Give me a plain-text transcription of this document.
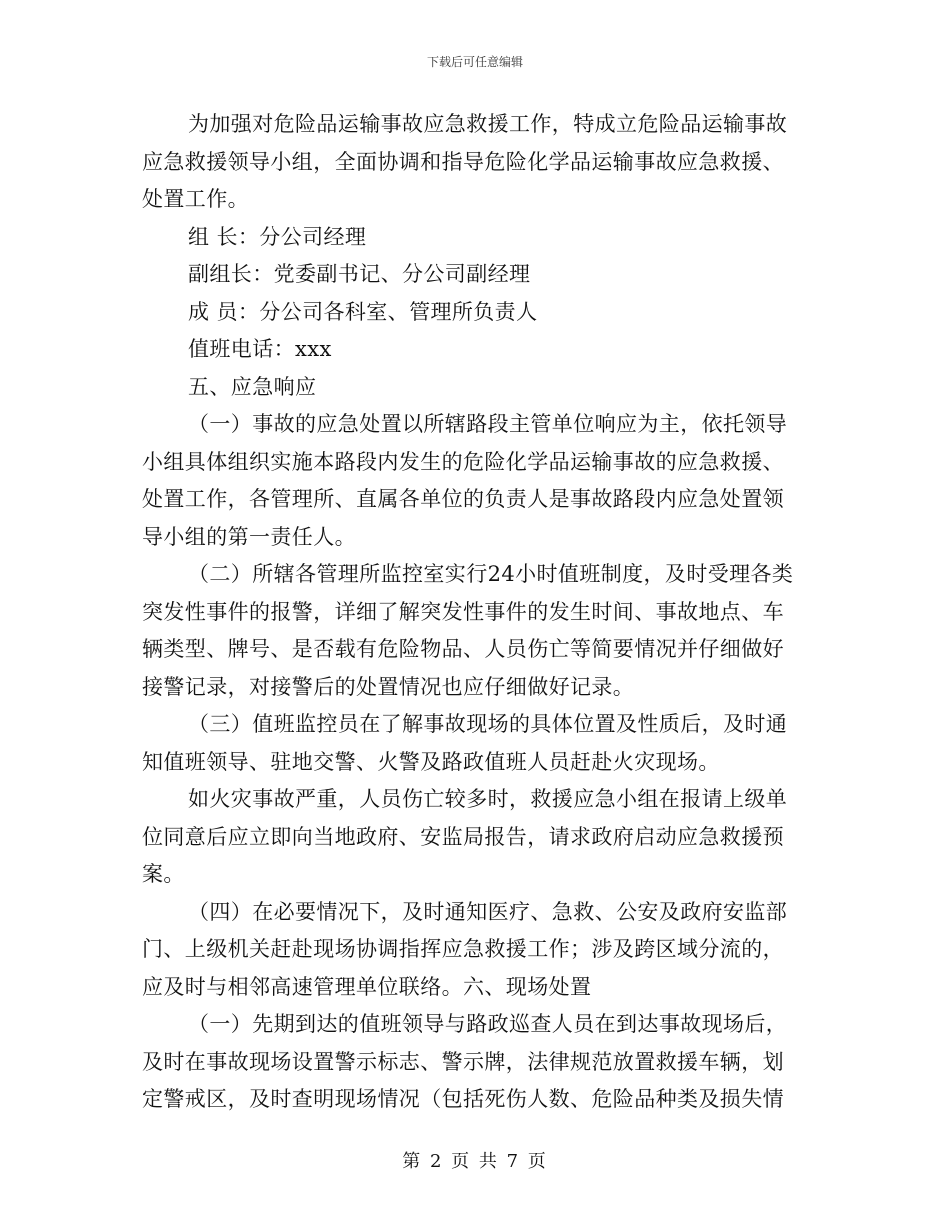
下载后可任意编辑
为加强对危险品运输事故应急救援工作，特成立危险品运输事故
应急救援领导小组，全面协调和指导危险化学品运输事故应急救援、
处置工作。
组 长：分公司经理
副组长：党委副书记、分公司副经理
成 员：分公司各科室、管理所负责人
值班电话：xxx
五、应急响应
（一）事故的应急处置以所辖路段主管单位响应为主，依托领导
小组具体组织实施本路段内发生的危险化学品运输事故的应急救援、
处置工作，各管理所、直属各单位的负责人是事故路段内应急处置领
导小组的第一责任人。
（二）所辖各管理所监控室实行24小时值班制度，及时受理各类
突发性事件的报警，详细了解突发性事件的发生时间、事故地点、车
辆类型、牌号、是否载有危险物品、人员伤亡等简要情况并仔细做好
接警记录，对接警后的处置情况也应仔细做好记录。
（三）值班监控员在了解事故现场的具体位置及性质后，及时通
知值班领导、驻地交警、火警及路政值班人员赶赴火灾现场。
如火灾事故严重，人员伤亡较多时，救援应急小组在报请上级单
位同意后应立即向当地政府、安监局报告，请求政府启动应急救援预
案。
（四）在必要情况下，及时通知医疗、急救、公安及政府安监部
门、上级机关赶赴现场协调指挥应急救援工作；涉及跨区域分流的，
应及时与相邻高速管理单位联络。六、现场处置
（一）先期到达的值班领导与路政巡查人员在到达事故现场后，
及时在事故现场设置警示标志、警示牌，法律规范放置救援车辆，划
定警戒区，及时查明现场情况（包括死伤人数、危险品种类及损失情
第 2 页 共 7 页
